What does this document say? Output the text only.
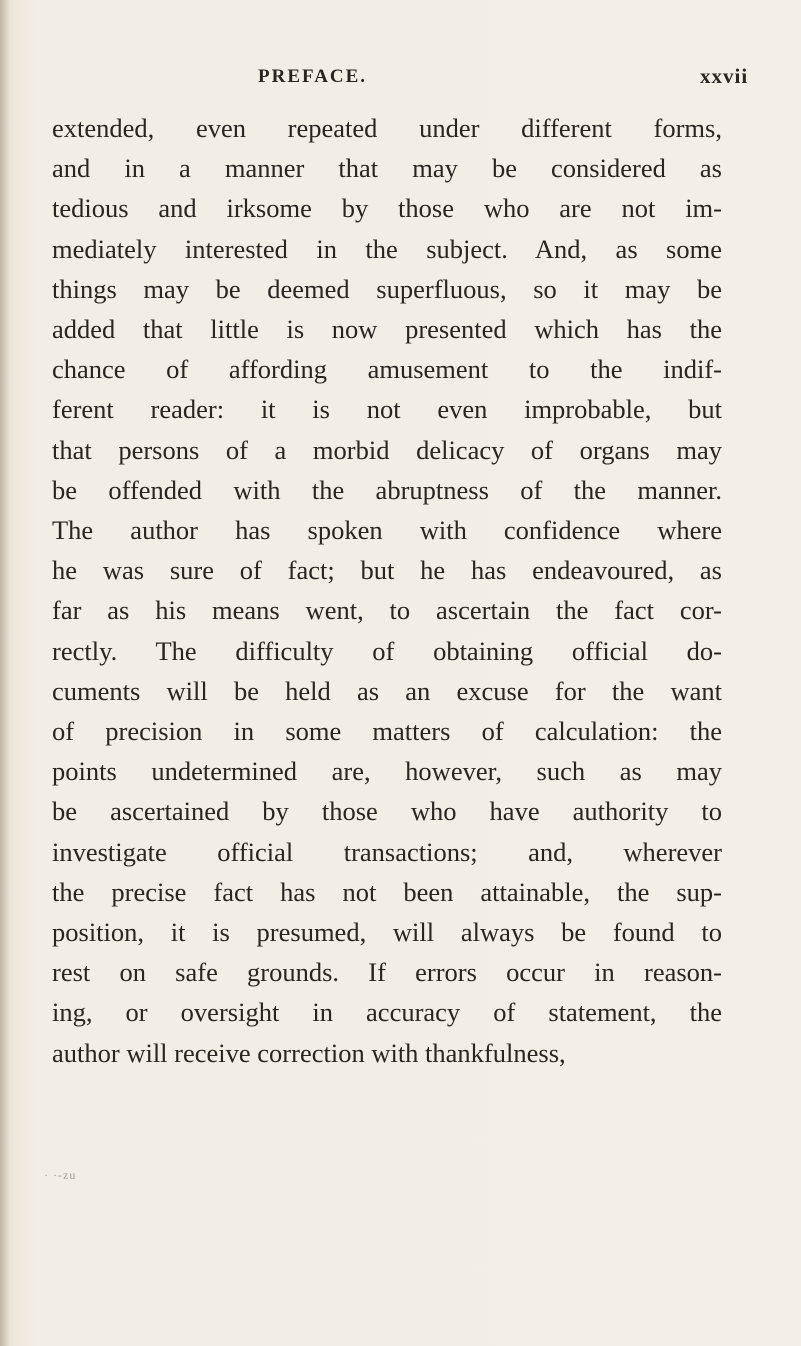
PREFACE.	xxvii
extended, even repeated under different forms,
and in a manner that may be considered as
tedious and irksome by those who are not im-
mediately interested in the subject. And, as some
things may be deemed superfluous, so it may be
added that little is now presented which has the
chance of affording amusement to the indif-
ferent reader: it is not even improbable, but
that persons of a morbid delicacy of organs may
be offended with the abruptness of the manner.
The author has spoken with confidence where
he was sure of fact; but he has endeavoured, as
far as his means went, to ascertain the fact cor-
rectly. The difficulty of obtaining official do-
cuments will be held as an excuse for the want
of precision in some matters of calculation: the
points undetermined are, however, such as may
be ascertained by those who have authority to
investigate official transactions; and, wherever
the precise fact has not been attainable, the sup-
position, it is presumed, will always be found to
rest on safe grounds. If errors occur in reason-
ing, or oversight in accuracy of statement, the
author will receive correction with thankfulness,
· ·-zu
